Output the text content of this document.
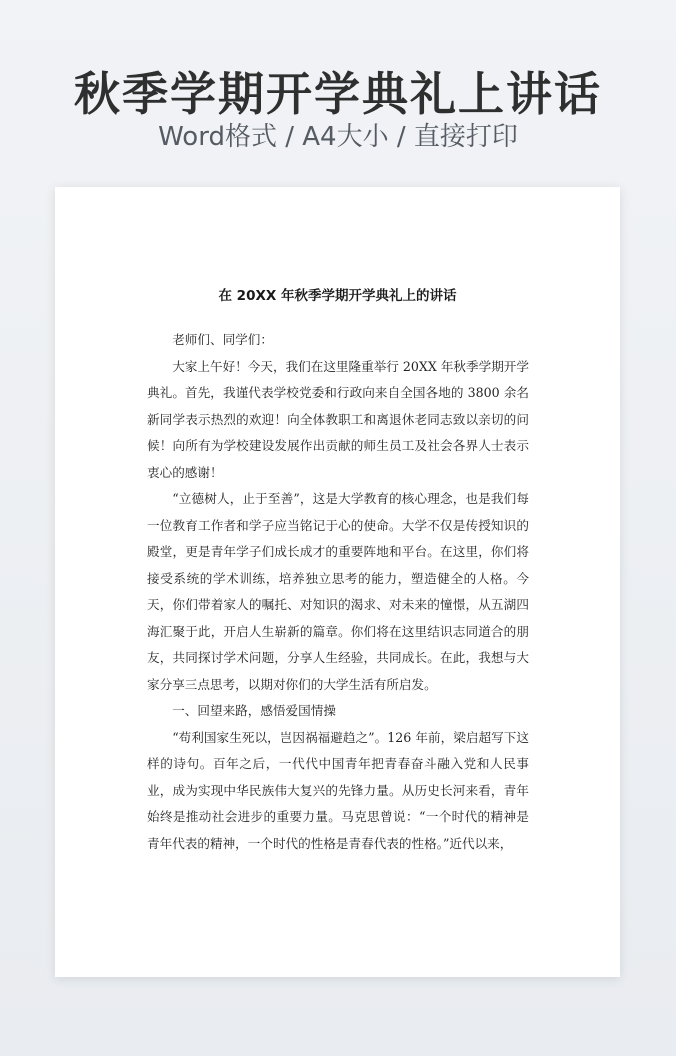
秋季学期开学典礼上讲话
Word格式 / A4大小 / 直接打印
在 20XX 年秋季学期开学典礼上的讲话

老师们、同学们：

大家上午好！今天，我们在这里隆重举行 20XX 年秋季学期开学典礼。首先，我谨代表学校党委和行政向来自全国各地的 3800 余名新同学表示热烈的欢迎！向全体教职工和离退休老同志致以亲切的问候！向所有为学校建设发展作出贡献的师生员工及社会各界人士表示衷心的感谢！

“立德树人，止于至善”，这是大学教育的核心理念，也是我们每一位教育工作者和学子应当铭记于心的使命。大学不仅是传授知识的殿堂，更是青年学子们成长成才的重要阵地和平台。在这里，你们将接受系统的学术训练，培养独立思考的能力，塑造健全的人格。今天，你们带着家人的嘱托、对知识的渴求、对未来的憧憬，从五湖四海汇聚于此，开启人生崭新的篇章。你们将在这里结识志同道合的朋友，共同探讨学术问题，分享人生经验，共同成长。在此，我想与大家分享三点思考，以期对你们的大学生活有所启发。

一、回望来路，感悟爱国情操

“苟利国家生死以，岂因祸福避趋之”。126 年前，梁启超写下这样的诗句。百年之后，一代代中国青年把青春奋斗融入党和人民事业，成为实现中华民族伟大复兴的先锋力量。从历史长河来看，青年始终是推动社会进步的重要力量。马克思曾说：“一个时代的精神是青年代表的精神，一个时代的性格是青春代表的性格。”近代以来，
